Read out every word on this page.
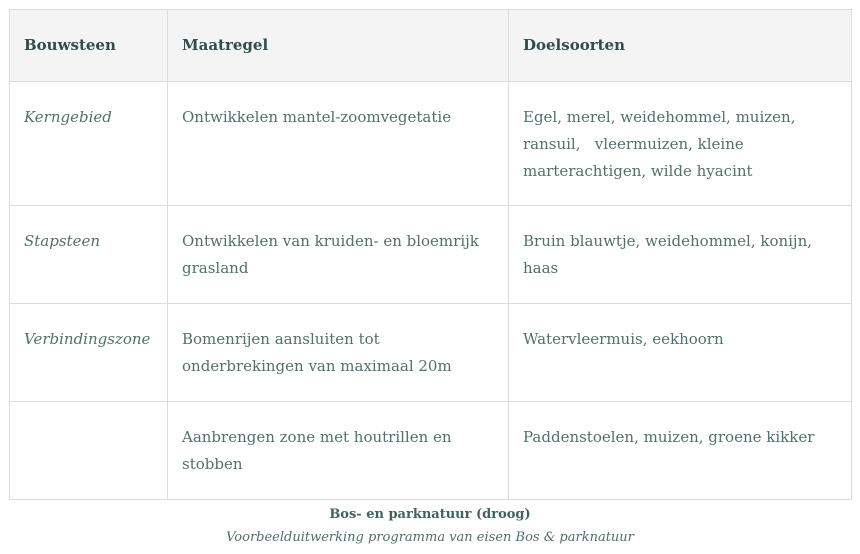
Bouwsteen	Maatregel	Doelsoorten
Kerngebied	Ontwikkelen mantel-zoomvegetatie	Egel, merel, weidehommel, muizen, ransuil,   vleermuizen, kleine marterachtigen, wilde hyacint
Stapsteen	Ontwikkelen van kruiden- en bloemrijk grasland	Bruin blauwtje, weidehommel, konijn, haas
Verbindingszone	Bomenrijen aansluiten tot onderbrekingen van maximaal 20m	Watervleermuis, eekhoorn
	Aanbrengen zone met houtrillen en stobben	Paddenstoelen, muizen, groene kikker
Bos- en parknatuur (droog)
Voorbeelduitwerking programma van eisen Bos & parknatuur
